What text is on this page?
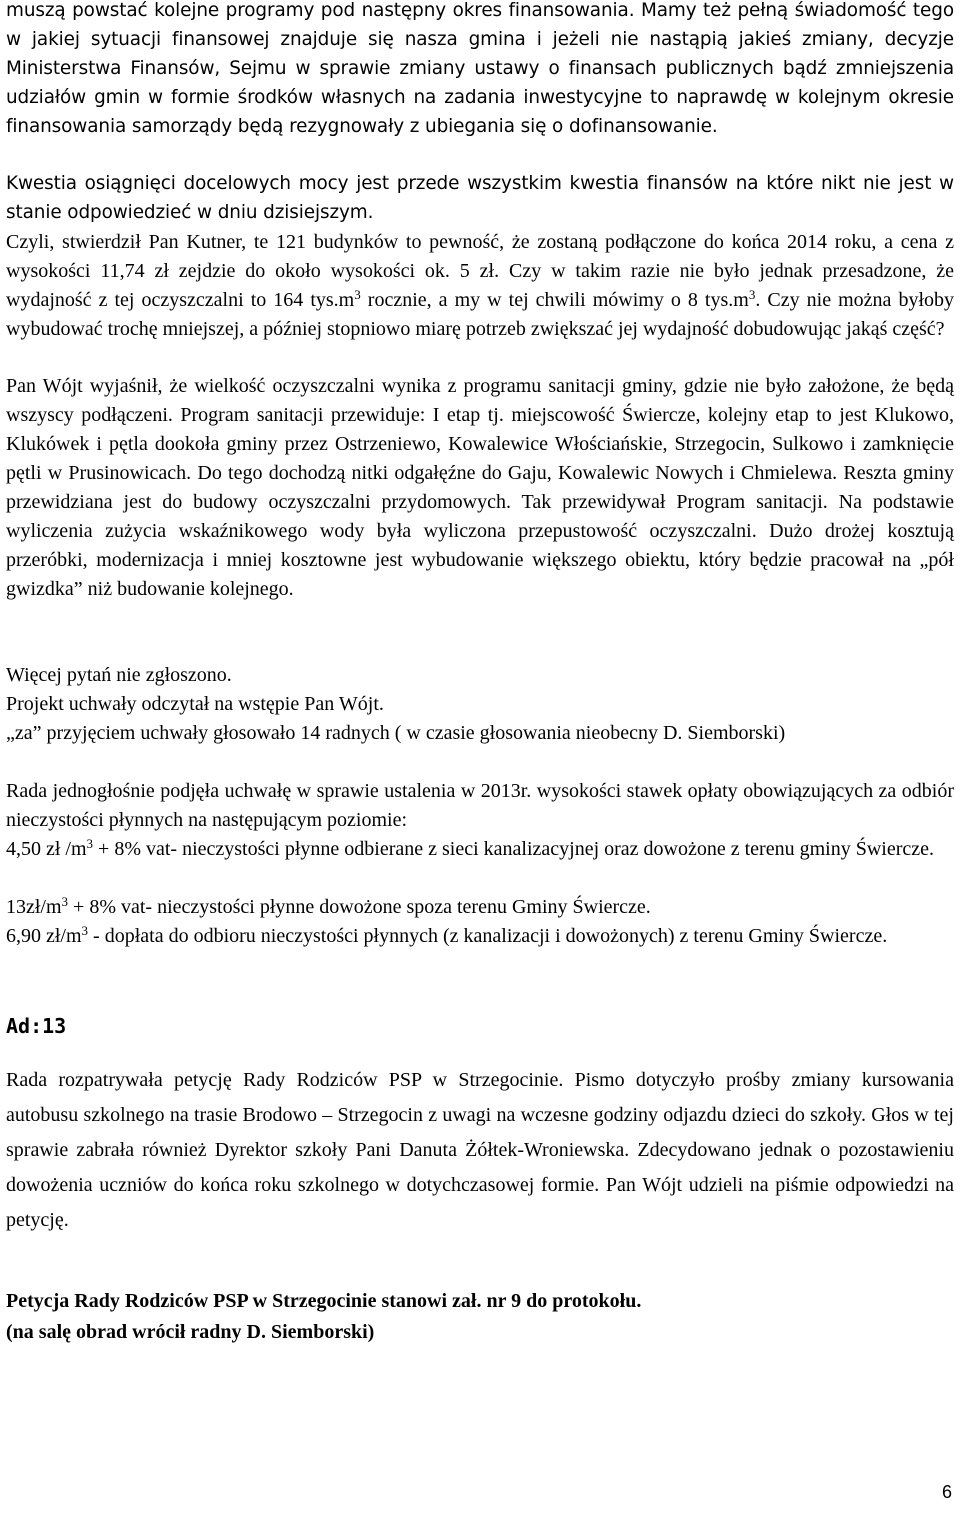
muszą powstać kolejne programy pod następny okres finansowania. Mamy też pełną świadomość tego w jakiej sytuacji finansowej znajduje się nasza gmina i jeżeli nie nastąpią jakieś zmiany, decyzje Ministerstwa Finansów, Sejmu w sprawie zmiany ustawy o finansach publicznych bądź zmniejszenia udziałów gmin w formie środków własnych na zadania inwestycyjne to naprawdę w kolejnym okresie finansowania samorządy będą rezygnowały z ubiegania się o dofinansowanie.

Kwestia osiągnięci docelowych mocy jest przede wszystkim kwestia finansów na które nikt nie jest w stanie odpowiedzieć w dniu dzisiejszym.

Czyli, stwierdził Pan Kutner, te 121 budynków to pewność, że zostaną podłączone do końca 2014 roku, a cena z wysokości 11,74 zł zejdzie do około wysokości ok. 5 zł. Czy w takim razie nie było jednak przesadzone, że wydajność z tej oczyszczalni to 164 $tys.m^3$ rocznie, a my w tej chwili mówimy o 8 $tys.m^3$. Czy nie można byłoby wybudować trochę mniejszej, a później stopniowo miarę potrzeb zwiększać jej wydajność dobudowując jakąś część?

Pan Wójt wyjaśnił, że wielkość oczyszczalni wynika z programu sanitacji gminy, gdzie nie było założone, że będą wszyscy podłączeni. Program sanitacji przewiduje: I etap tj. miejscowość Świercze, kolejny etap to jest Klukowo, Klukówek i pętla dookoła gminy przez Ostrzeniewo, Kowalewice Włościańskie, Strzegocin, Sulkowo i zamknięcie pętli w Prusinowicach. Do tego dochodzą nitki odgałęźne do Gaju, Kowalewic Nowych i Chmielewa. Reszta gminy przewidziana jest do budowy oczyszczalni przydomowych. Tak przewidywał Program sanitacji. Na podstawie wyliczenia zużycia wskaźnikowego wody była wyliczona przepustowość oczyszczalni. Dużo drożej kosztują przeróbki, modernizacja i mniej kosztowne jest wybudowanie większego obiektu, który będzie pracował na „pół gwizdka” niż budowanie kolejnego.

Więcej pytań nie zgłoszono.

Projekt uchwały odczytał na wstępie Pan Wójt.

„za” przyjęciem uchwały głosowało 14 radnych ( w czasie głosowania nieobecny D. Siemborski)

Rada jednogłośnie podjęła uchwałę w sprawie ustalenia w 2013r. wysokości stawek opłaty obowiązujących za odbiór nieczystości płynnych na następującym poziomie:

4,50 zł $/m^3 + 8\%$ vat- nieczystości płynne odbierane z sieci kanalizacyjnej oraz dowożone z terenu gminy Świercze.

$13zł/m^3 + 8\%$ vat- nieczystości płynne dowożone spoza terenu Gminy Świercze.

6,90 $zł/m^3$ - dopłata do odbioru nieczystości płynnych (z kanalizacji i dowożonych) z terenu Gminy Świercze.

Ad:13

Rada rozpatrywała petycję Rady Rodziców PSP w Strzegocinie. Pismo dotyczyło prośby zmiany kursowania autobusu szkolnego na trasie Brodowo – Strzegocin z uwagi na wczesne godziny odjazdu dzieci do szkoły. Głos w tej sprawie zabrała również Dyrektor szkoły Pani Danuta Żółtek-Wroniewska. Zdecydowano jednak o pozostawieniu dowożenia uczniów do końca roku szkolnego w dotychczasowej formie. Pan Wójt udzieli na piśmie odpowiedzi na petycję.

Petycja Rady Rodziców PSP w Strzegocinie stanowi zał. nr 9 do protokołu.

(na salę obrad wrócił radny D. Siemborski)

6
